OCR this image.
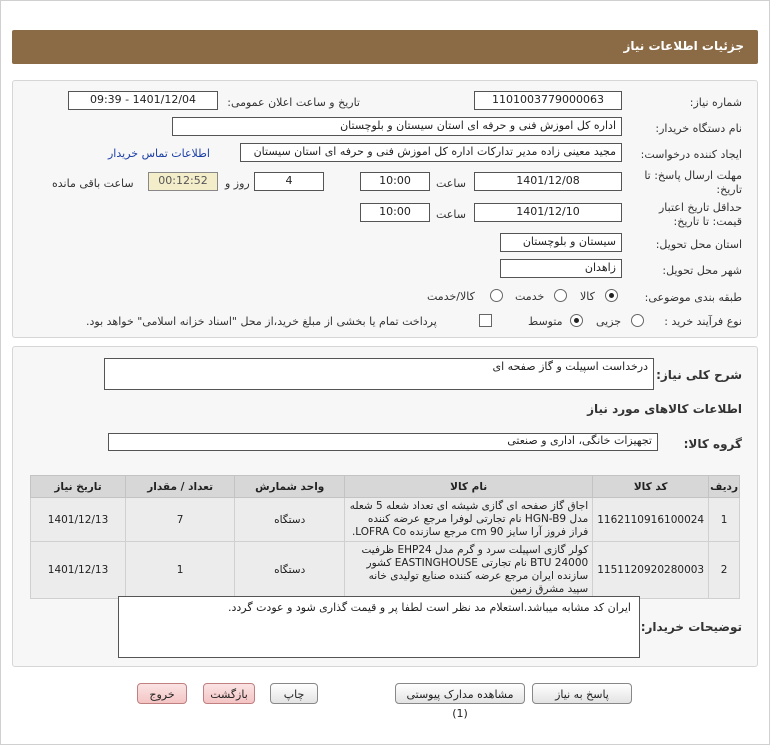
جزئیات اطلاعات نیاز
شماره نیاز:
1101003779000063
تاریخ و ساعت اعلان عمومی:
1401/12/04 - 09:39
نام دستگاه خریدار:
اداره کل اموزش فنی و حرفه ای استان سیستان و بلوچستان
ایجاد کننده درخواست:
مجید معینی زاده مدیر تدارکات اداره کل اموزش فنی و حرفه ای استان سیستان
اطلاعات تماس خریدار
مهلت ارسال پاسخ: تا
تاریخ:
1401/12/08
ساعت
10:00
4
روز و
00:12:52
ساعت باقی مانده
حداقل تاریخ اعتبار
قیمت: تا تاریخ:
1401/12/10
ساعت
10:00
استان محل تحویل:
سیستان و بلوچستان
شهر محل تحویل:
زاهدان
طبقه بندی موضوعی:
کالا
خدمت
کالا/خدمت
نوع فرآیند خرید :
جزیی
متوسط
پرداخت تمام یا بخشی از مبلغ خرید،از محل "اسناد خزانه اسلامی" خواهد بود.
شرح کلی نیاز:
درخداست اسپیلت و گاز صفحه ای
اطلاعات کالاهای مورد نیاز
گروه کالا:
تجهیزات خانگی، اداری و صنعتی
ردیف	کد کالا	نام کالا	واحد شمارش	تعداد / مقدار	تاریخ نیاز
1	1162110916100024	اجاق گاز صفحه ای گازی شیشه ای تعداد شعله 5 شعله مدل HGN-B9 نام تجارتی لوفرا مرجع عرضه کننده فراز فروز آرا سایز 90 cm مرجع سازنده LOFRA Co.	دستگاه	7	1401/12/13
2	1151120920280003	کولر گازی اسپیلت سرد و گرم مدل EHP24 ظرفیت BTU 24000 نام تجارتی EASTINGHOUSE کشور سازنده ایران مرجع عرضه کننده صنایع تولیدی خانه سپید مشرق زمین	دستگاه	1	1401/12/13
توضیحات خریدار:
ایران کد مشابه میباشد.استعلام مد نظر است لطفا پر و قیمت گذاری شود و عودت گردد.
پاسخ به نیاز
مشاهده مدارک پیوستی (1)
چاپ
بازگشت
خروج
